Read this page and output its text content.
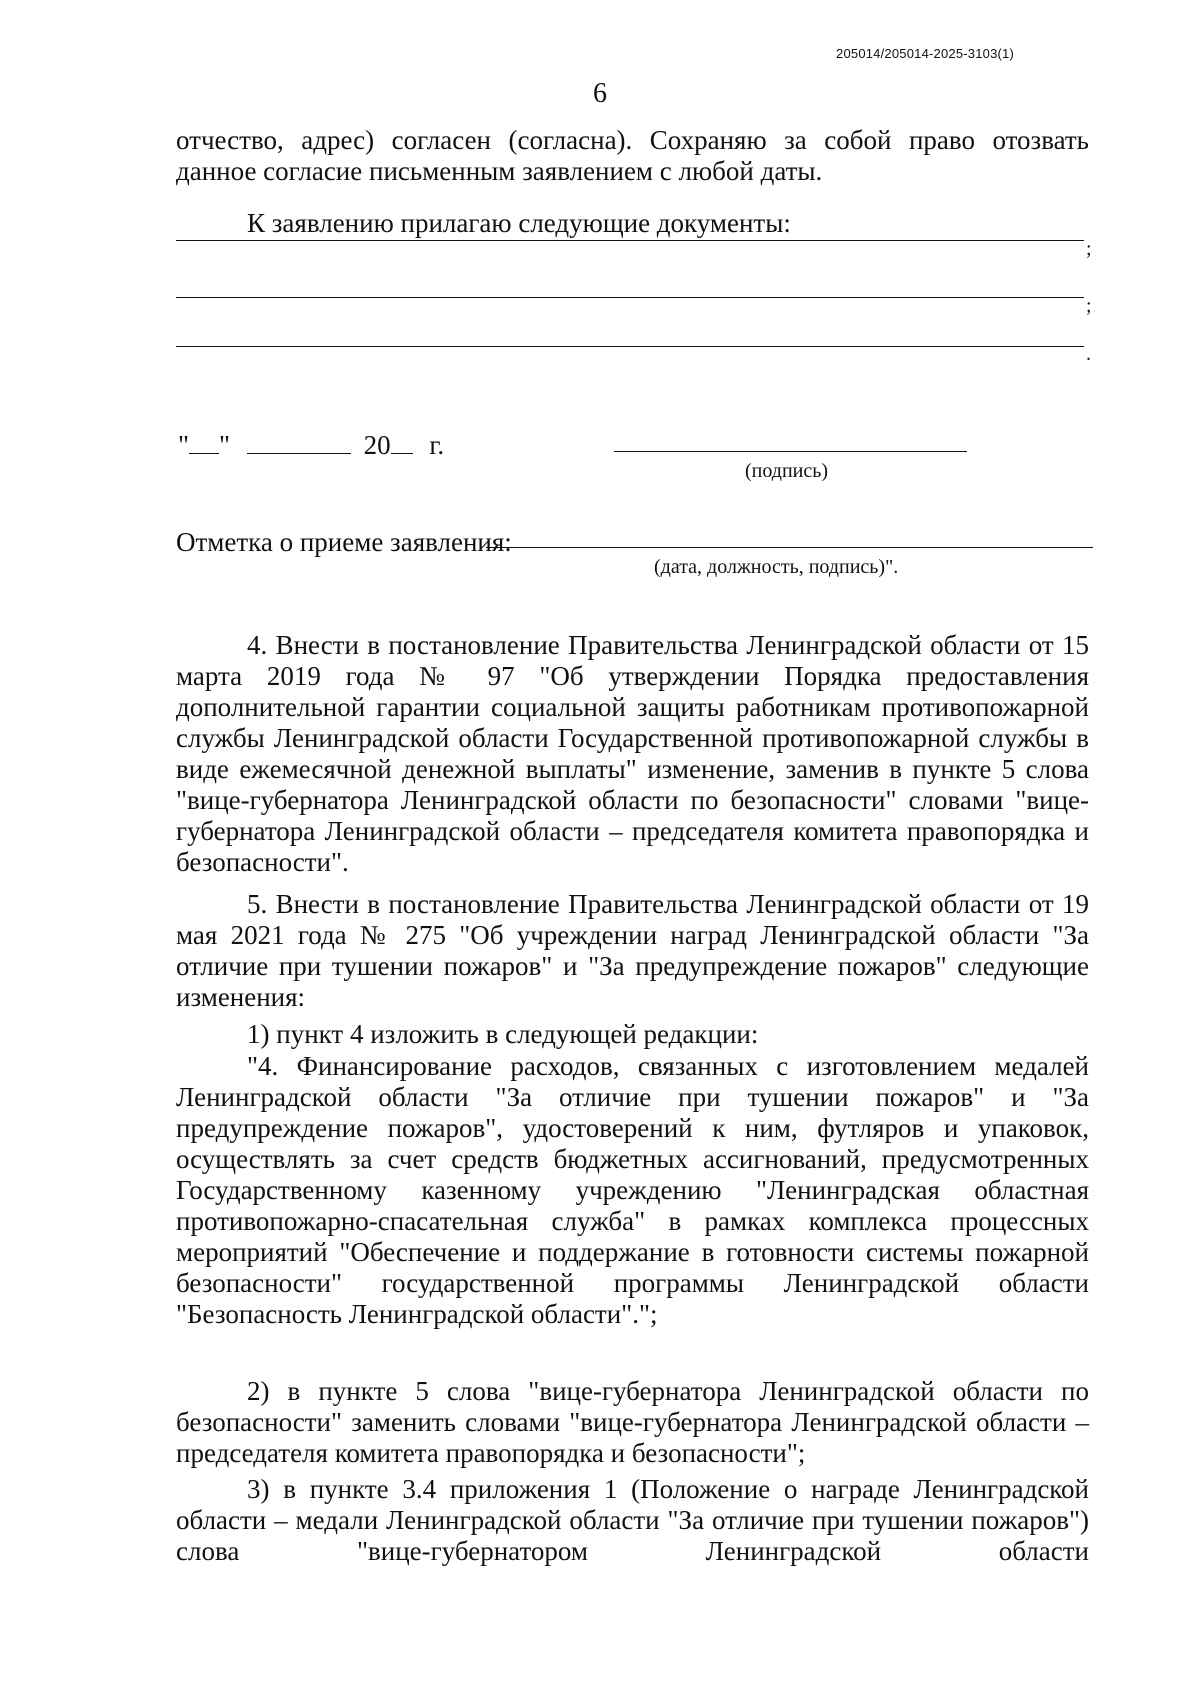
205014/205014-2025-3103(1)
6

отчество, адрес) согласен (согласна). Сохраняю за собой право отозвать данное согласие письменным заявлением с любой даты.

К заявлению прилагаю следующие документы:

;
;
.
" "	20 г.
(подпись)
Отметка о приеме заявления:
(дата, должность, подпись)".

4. Внести в постановление Правительства Ленинградской области от 15 марта 2019 года № 97 "Об утверждении Порядка предоставления дополнительной гарантии социальной защиты работникам противопожарной службы Ленинградской области Государственной противопожарной службы в виде ежемесячной денежной выплаты" изменение, заменив в пункте 5 слова "вице-губернатора Ленинградской области по безопасности" словами "вице-губернатора Ленинградской области – председателя комитета правопорядка и безопасности".

5. Внести в постановление Правительства Ленинградской области от 19 мая 2021 года № 275 "Об учреждении наград Ленинградской области "За отличие при тушении пожаров" и "За предупреждение пожаров" следующие изменения:

1) пункт 4 изложить в следующей редакции:

"4. Финансирование расходов, связанных с изготовлением медалей Ленинградской области "За отличие при тушении пожаров" и "За предупреждение пожаров", удостоверений к ним, футляров и упаковок, осуществлять за счет средств бюджетных ассигнований, предусмотренных Государственному казенному учреждению "Ленинградская областная противопожарно-спасательная служба" в рамках комплекса процессных мероприятий "Обеспечение и поддержание в готовности системы пожарной безопасности" государственной программы Ленинградской области "Безопасность Ленинградской области".";

2) в пункте 5 слова "вице-губернатора Ленинградской области по безопасности" заменить словами "вице-губернатора Ленинградской области – председателя комитета правопорядка и безопасности";

3) в пункте 3.4 приложения 1 (Положение о награде Ленинградской области – медали Ленинградской области "За отличие при тушении пожаров") слова "вице-губернатором Ленинградской области
